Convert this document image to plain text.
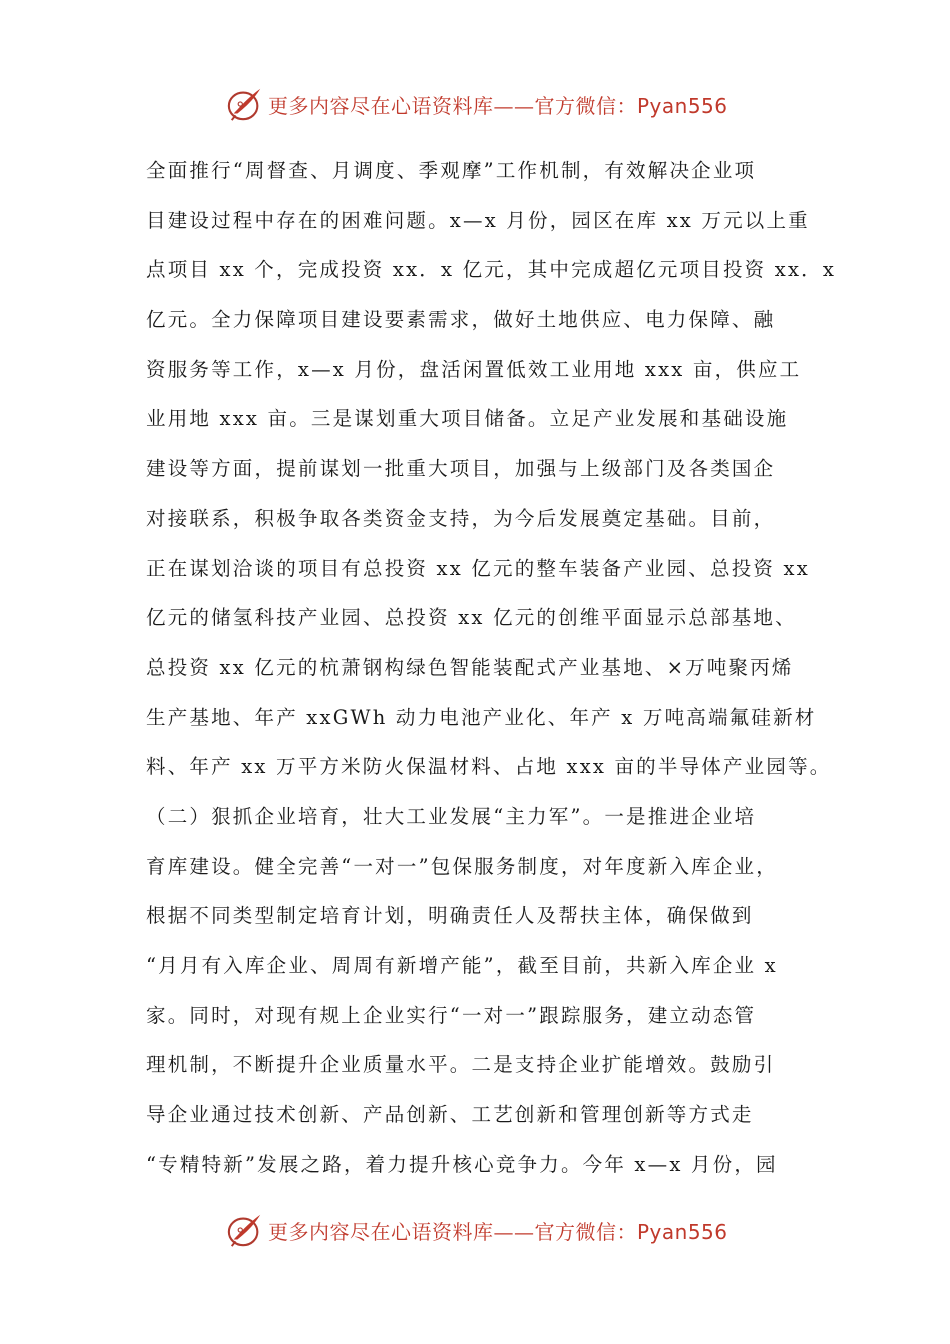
更多内容尽在心语资料库——官方微信：Pyan556
全面推行“周督查、月调度、季观摩”工作机制，有效解决企业项
目建设过程中存在的困难问题。x—x 月份，园区在库 xx 万元以上重
点项目 xx 个，完成投资 xx．x 亿元，其中完成超亿元项目投资 xx．x
亿元。全力保障项目建设要素需求，做好土地供应、电力保障、融
资服务等工作，x—x 月份，盘活闲置低效工业用地 xxx 亩，供应工
业用地 xxx 亩。三是谋划重大项目储备。立足产业发展和基础设施
建设等方面，提前谋划一批重大项目，加强与上级部门及各类国企
对接联系，积极争取各类资金支持，为今后发展奠定基础。目前，
正在谋划洽谈的项目有总投资 xx 亿元的整车装备产业园、总投资 xx
亿元的储氢科技产业园、总投资 xx 亿元的创维平面显示总部基地、
总投资 xx 亿元的杭萧钢构绿色智能装配式产业基地、×万吨聚丙烯
生产基地、年产 xxGWh 动力电池产业化、年产 x 万吨高端氟硅新材
料、年产 xx 万平方米防火保温材料、占地 xxx 亩的半导体产业园等。
（二）狠抓企业培育，壮大工业发展“主力军”。一是推进企业培
育库建设。健全完善“一对一”包保服务制度，对年度新入库企业，
根据不同类型制定培育计划，明确责任人及帮扶主体，确保做到
“月月有入库企业、周周有新增产能”，截至目前，共新入库企业 x
家。同时，对现有规上企业实行“一对一”跟踪服务，建立动态管
理机制，不断提升企业质量水平。二是支持企业扩能增效。鼓励引
导企业通过技术创新、产品创新、工艺创新和管理创新等方式走
“专精特新”发展之路，着力提升核心竞争力。今年 x—x 月份，园
更多内容尽在心语资料库——官方微信：Pyan556
